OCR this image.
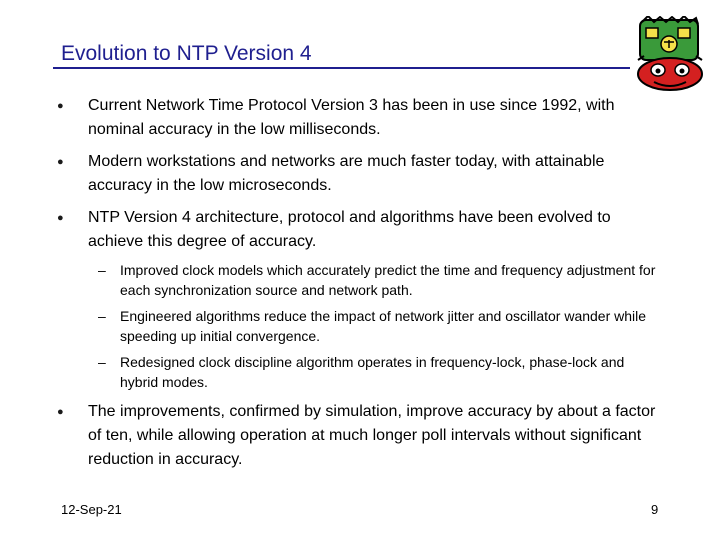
Evolution to NTP Version 4
● Current Network Time Protocol Version 3 has been in use since 1992, with nominal accuracy in the low milliseconds.
● Modern workstations and networks are much faster today, with attainable accuracy in the low microseconds.
● NTP Version 4 architecture, protocol and algorithms have been evolved to achieve this degree of accuracy.
– Improved clock models which accurately predict the time and frequency adjustment for each synchronization source and network path.
– Engineered algorithms reduce the impact of network jitter and oscillator wander while speeding up initial convergence.
– Redesigned clock discipline algorithm operates in frequency-lock, phase-lock and hybrid modes.
● The improvements, confirmed by simulation, improve accuracy by about a factor of ten, while allowing operation at much longer poll intervals without significant reduction in accuracy.
12-Sep-21	9
